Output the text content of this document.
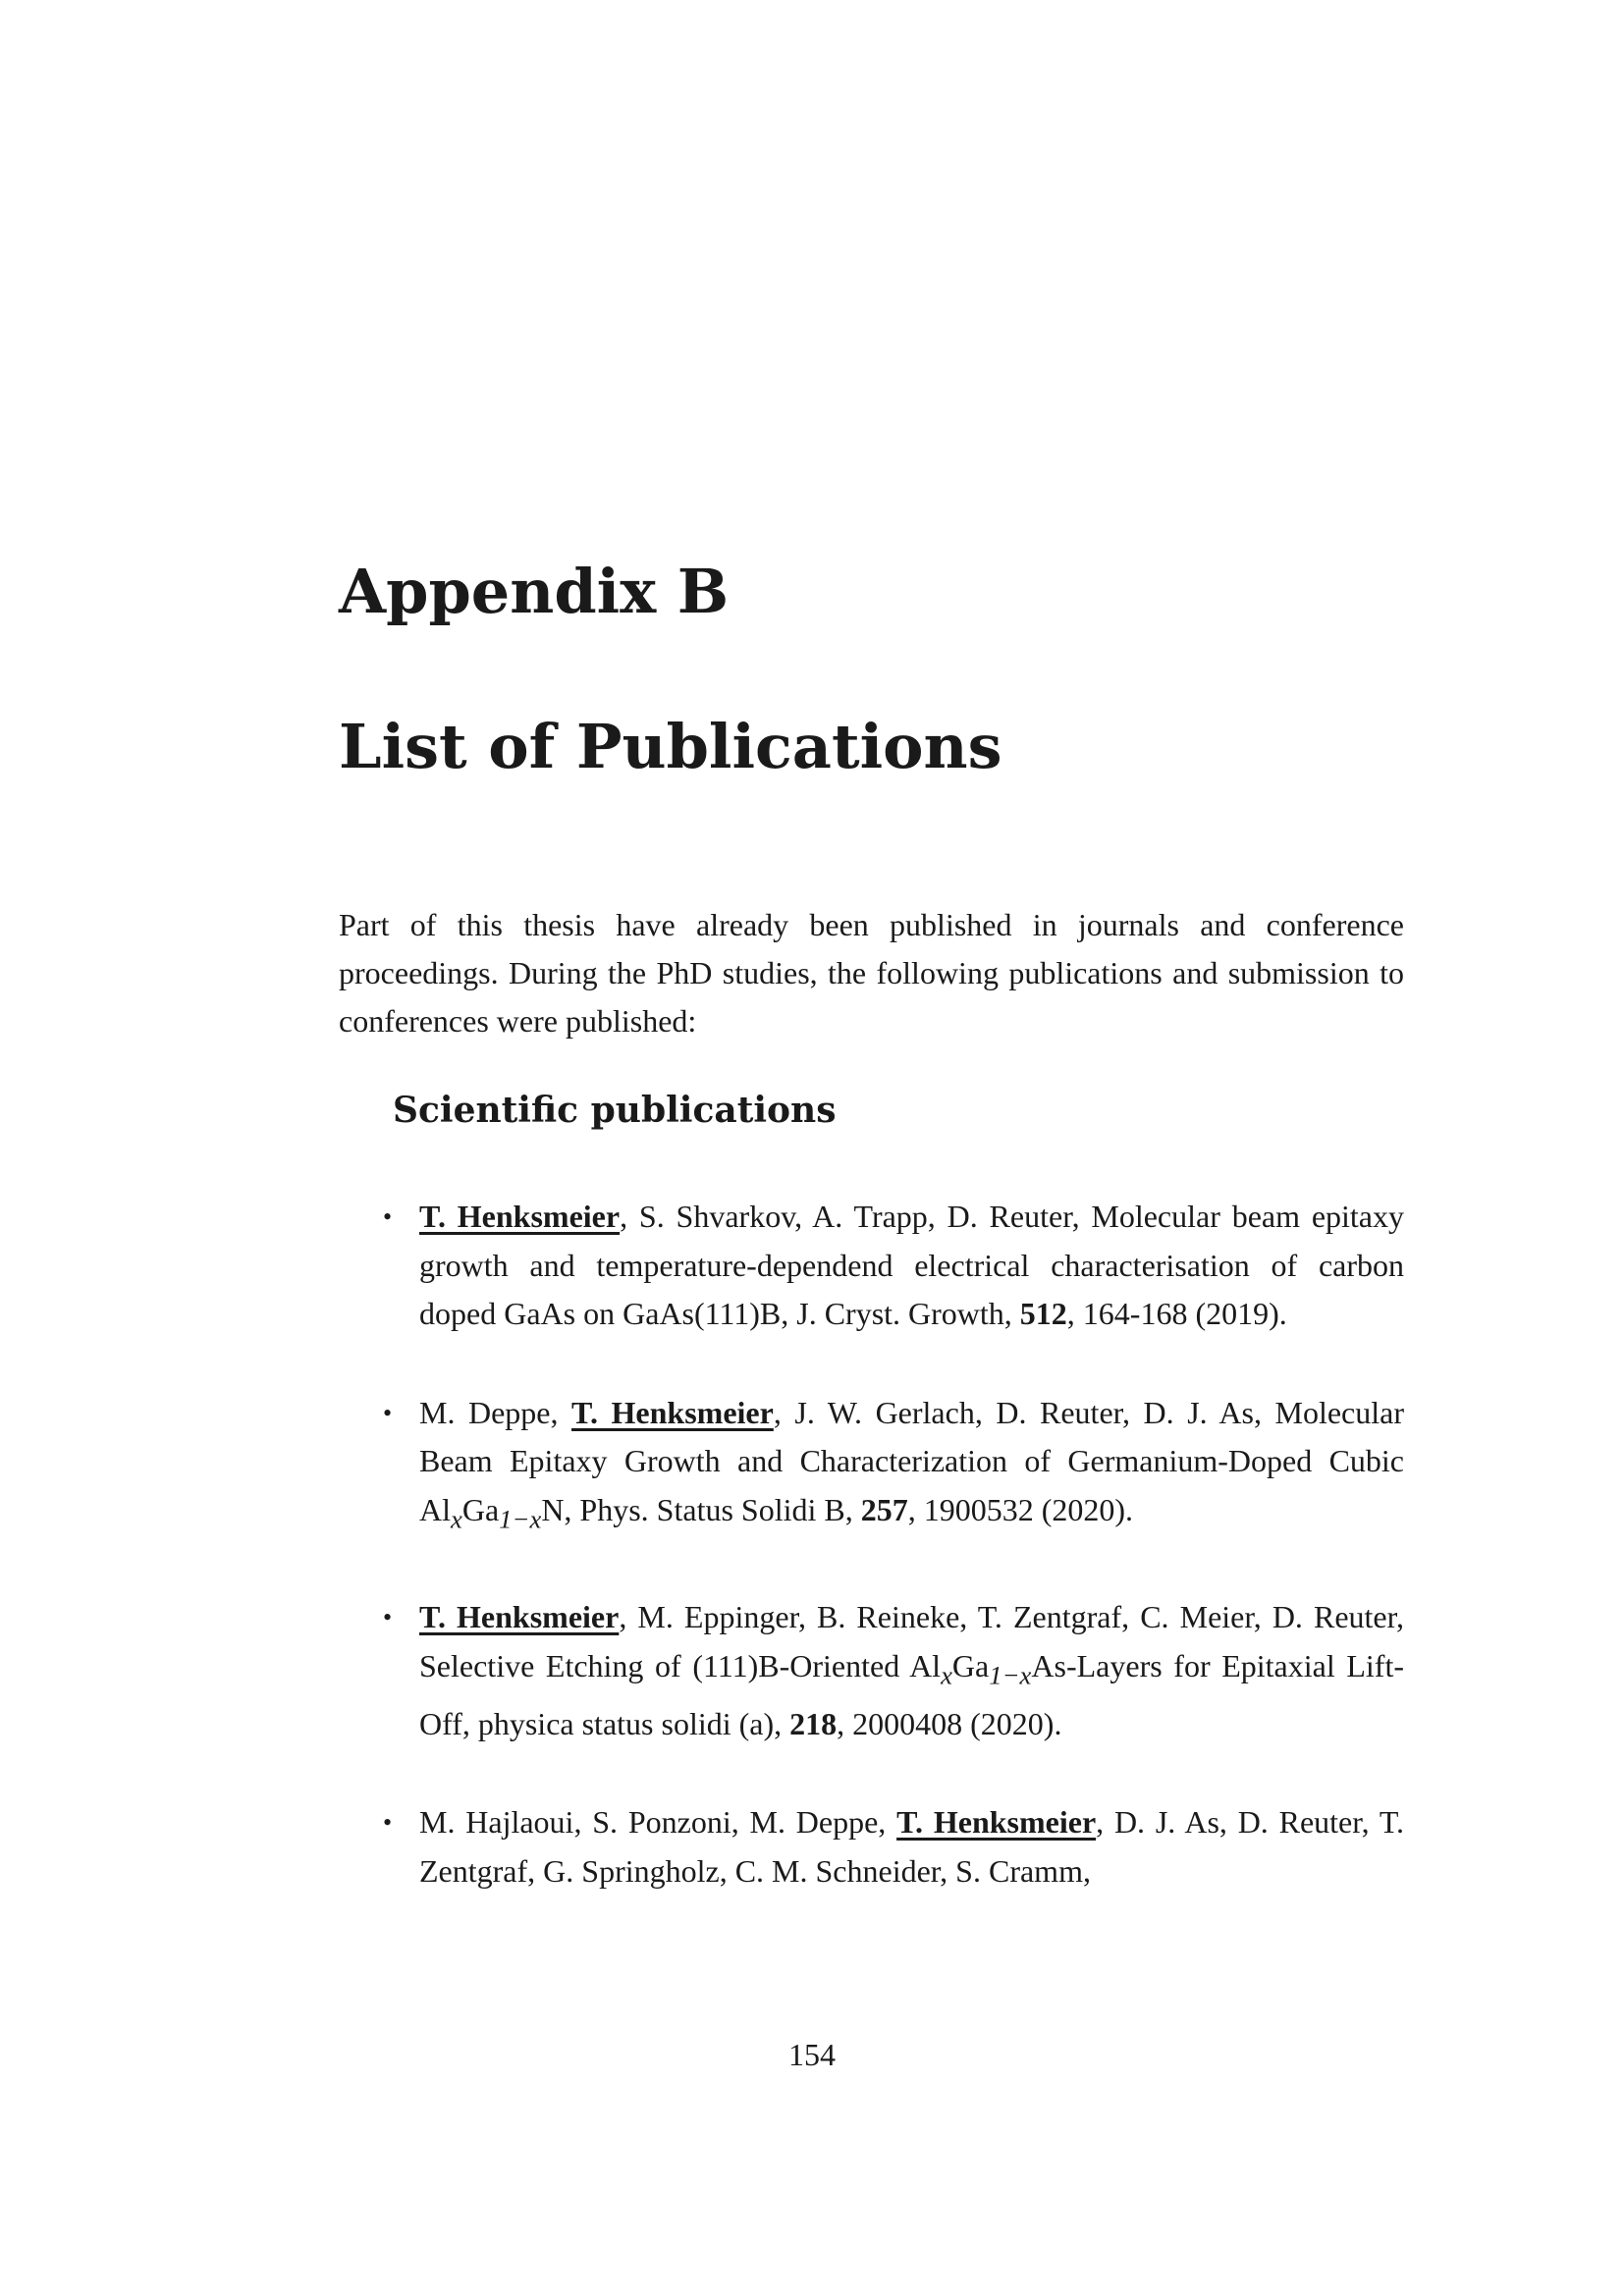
Appendix B
List of Publications

Part of this thesis have already been published in journals and conference proceedings. During the PhD studies, the following publications and submission to conferences were published:

Scientific publications
• T. Henksmeier, S. Shvarkov, A. Trapp, D. Reuter, Molecular beam epitaxy growth and temperature-dependend electrical characterisation of carbon doped GaAs on GaAs(111)B, J. Cryst. Growth, 512, 164-168 (2019).
• M. Deppe, T. Henksmeier, J. W. Gerlach, D. Reuter, D. J. As, Molecular Beam Epitaxy Growth and Characterization of Germanium-Doped Cubic $Al_xGa_{1-x}N$, Phys. Status Solidi B, 257, 1900532 (2020).
• T. Henksmeier, M. Eppinger, B. Reineke, T. Zentgraf, C. Meier, D. Reuter, Selective Etching of (111)B-Oriented $Al_xGa_{1-x}As$-Layers for Epitaxial Lift-Off, physica status solidi (a), 218, 2000408 (2020).
• M. Hajlaoui, S. Ponzoni, M. Deppe, T. Henksmeier, D. J. As, D. Reuter, T. Zentgraf, G. Springholz, C. M. Schneider, S. Cramm,
154
